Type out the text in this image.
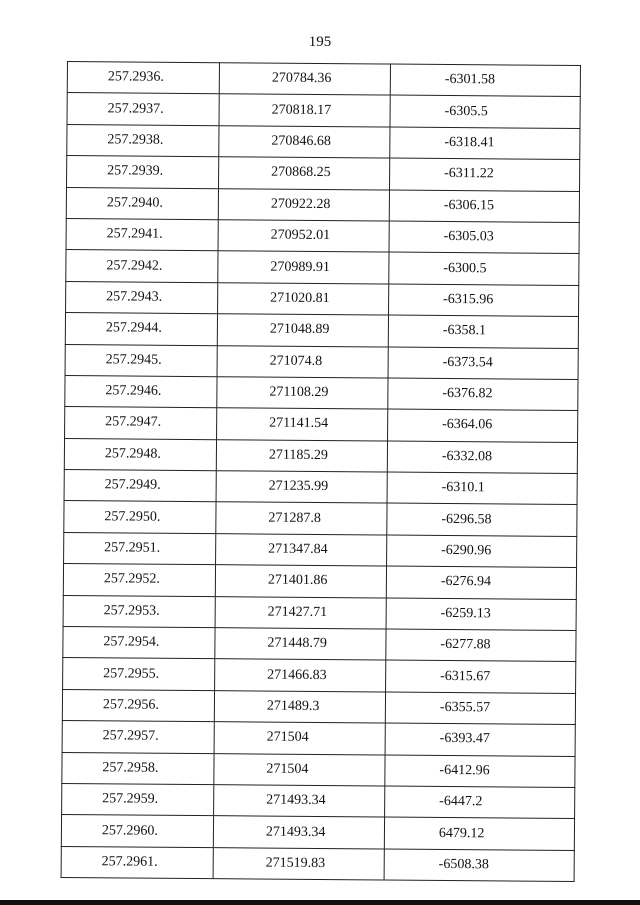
195
257.2936.	270784.36	-6301.58
257.2937.	270818.17	-6305.5
257.2938.	270846.68	-6318.41
257.2939.	270868.25	-6311.22
257.2940.	270922.28	-6306.15
257.2941.	270952.01	-6305.03
257.2942.	270989.91	-6300.5
257.2943.	271020.81	-6315.96
257.2944.	271048.89	-6358.1
257.2945.	271074.8	-6373.54
257.2946.	271108.29	-6376.82
257.2947.	271141.54	-6364.06
257.2948.	271185.29	-6332.08
257.2949.	271235.99	-6310.1
257.2950.	271287.8	-6296.58
257.2951.	271347.84	-6290.96
257.2952.	271401.86	-6276.94
257.2953.	271427.71	-6259.13
257.2954.	271448.79	-6277.88
257.2955.	271466.83	-6315.67
257.2956.	271489.3	-6355.57
257.2957.	271504	-6393.47
257.2958.	271504	-6412.96
257.2959.	271493.34	-6447.2
257.2960.	271493.34	6479.12
257.2961.	271519.83	-6508.38
